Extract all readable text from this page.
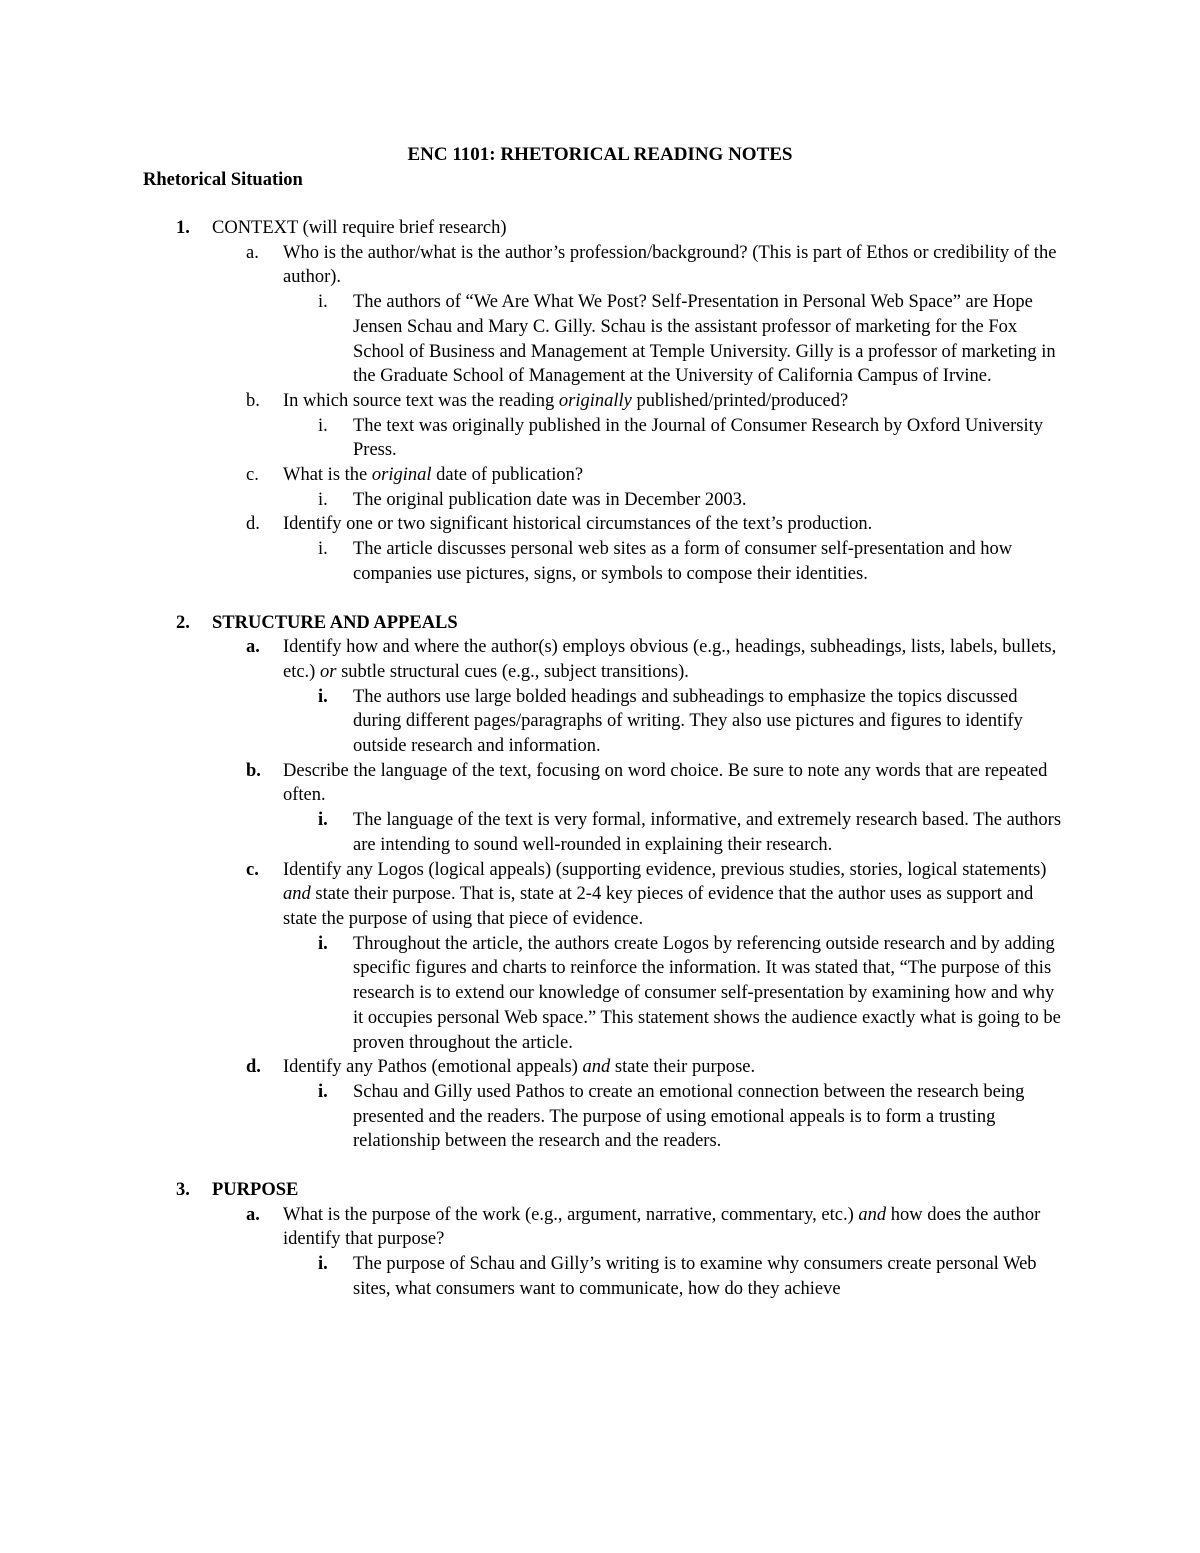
ENC 1101: RHETORICAL READING NOTES
Rhetorical Situation
1. CONTEXT (will require brief research)
a. Who is the author/what is the author’s profession/background? (This is part of Ethos or credibility of the author).
i. The authors of “We Are What We Post? Self-Presentation in Personal Web Space” are Hope Jensen Schau and Mary C. Gilly. Schau is the assistant professor of marketing for the Fox School of Business and Management at Temple University. Gilly is a professor of marketing in the Graduate School of Management at the University of California Campus of Irvine.
b. In which source text was the reading originally published/printed/produced?
i. The text was originally published in the Journal of Consumer Research by Oxford University Press.
c. What is the original date of publication?
i. The original publication date was in December 2003.
d. Identify one or two significant historical circumstances of the text’s production.
i. The article discusses personal web sites as a form of consumer self-presentation and how companies use pictures, signs, or symbols to compose their identities.
2. STRUCTURE AND APPEALS
a. Identify how and where the author(s) employs obvious (e.g., headings, subheadings, lists, labels, bullets, etc.) or subtle structural cues (e.g., subject transitions).
i. The authors use large bolded headings and subheadings to emphasize the topics discussed during different pages/paragraphs of writing. They also use pictures and figures to identify outside research and information.
b. Describe the language of the text, focusing on word choice. Be sure to note any words that are repeated often.
i. The language of the text is very formal, informative, and extremely research based. The authors are intending to sound well-rounded in explaining their research.
c. Identify any Logos (logical appeals) (supporting evidence, previous studies, stories, logical statements) and state their purpose. That is, state at 2-4 key pieces of evidence that the author uses as support and state the purpose of using that piece of evidence.
i. Throughout the article, the authors create Logos by referencing outside research and by adding specific figures and charts to reinforce the information. It was stated that, “The purpose of this research is to extend our knowledge of consumer self-presentation by examining how and why it occupies personal Web space.” This statement shows the audience exactly what is going to be proven throughout the article.
d. Identify any Pathos (emotional appeals) and state their purpose.
i. Schau and Gilly used Pathos to create an emotional connection between the research being presented and the readers. The purpose of using emotional appeals is to form a trusting relationship between the research and the readers.
3. PURPOSE
a. What is the purpose of the work (e.g., argument, narrative, commentary, etc.) and how does the author identify that purpose?
i. The purpose of Schau and Gilly’s writing is to examine why consumers create personal Web sites, what consumers want to communicate, how do they achieve
